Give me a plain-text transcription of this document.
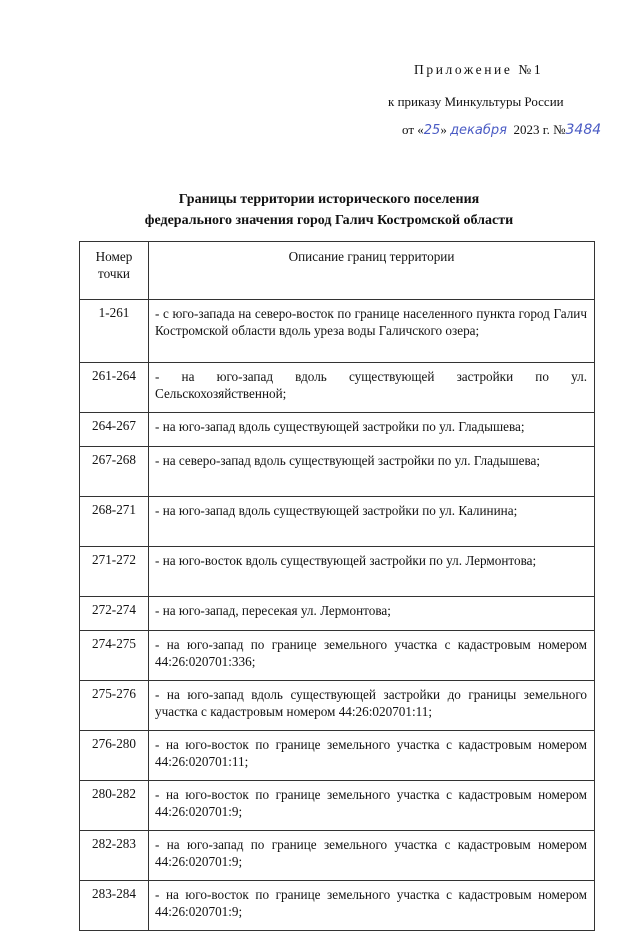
Приложение №1
к приказу Минкультуры России
от «25» декабря 2023 г. №3484
Границы территории исторического поселения
федерального значения город Галич Костромской области
Номер точки	Описание границ территории
1-261	- с юго-запада на северо-восток по границе населенного пункта город Галич Костромской области вдоль уреза воды Галичского озера;
261-264	- на юго-запад вдоль существующей застройки по ул. Сельскохозяйственной;
264-267	- на юго-запад вдоль существующей застройки по ул. Гладышева;
267-268	- на северо-запад вдоль существующей застройки по ул. Гладышева;
268-271	- на юго-запад вдоль существующей застройки по ул. Калинина;
271-272	- на юго-восток вдоль существующей застройки по ул. Лермонтова;
272-274	- на юго-запад, пересекая ул. Лермонтова;
274-275	- на юго-запад по границе земельного участка с кадастровым номером 44:26:020701:336;
275-276	- на юго-запад вдоль существующей застройки до границы земельного участка с кадастровым номером 44:26:020701:11;
276-280	- на юго-восток по границе земельного участка с кадастровым номером 44:26:020701:11;
280-282	- на юго-восток по границе земельного участка с кадастровым номером 44:26:020701:9;
282-283	- на юго-запад по границе земельного участка с кадастровым номером 44:26:020701:9;
283-284	- на юго-восток по границе земельного участка с кадастровым номером 44:26:020701:9;
